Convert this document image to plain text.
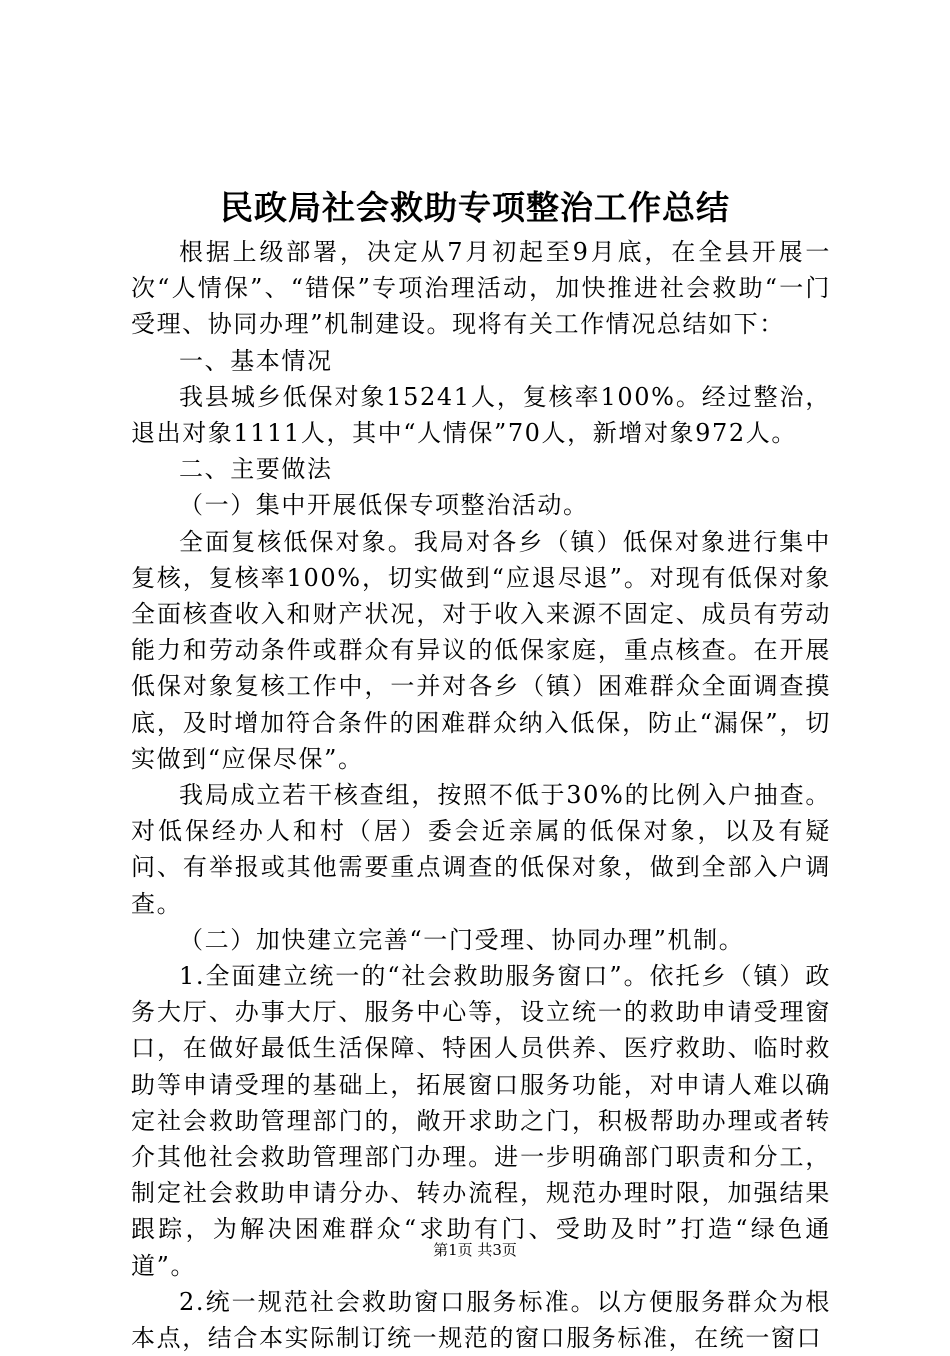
民政局社会救助专项整治工作总结

根据上级部署，决定从7月初起至9月底，在全县开展一次“人情保”、“错保”专项治理活动，加快推进社会救助“一门受理、协同办理”机制建设。现将有关工作情况总结如下：

一、基本情况

我县城乡低保对象15241人，复核率100%。经过整治，退出对象1111人，其中“人情保”70人，新增对象972人。

二、主要做法

（一）集中开展低保专项整治活动。

全面复核低保对象。我局对各乡（镇）低保对象进行集中复核，复核率100%，切实做到“应退尽退”。对现有低保对象全面核查收入和财产状况，对于收入来源不固定、成员有劳动能力和劳动条件或群众有异议的低保家庭，重点核查。在开展低保对象复核工作中，一并对各乡（镇）困难群众全面调查摸底，及时增加符合条件的困难群众纳入低保，防止“漏保”，切实做到“应保尽保”。

我局成立若干核查组，按照不低于30%的比例入户抽查。对低保经办人和村（居）委会近亲属的低保对象，以及有疑问、有举报或其他需要重点调查的低保对象，做到全部入户调查。

（二）加快建立完善“一门受理、协同办理”机制。

1.全面建立统一的“社会救助服务窗口”。依托乡（镇）政务大厅、办事大厅、服务中心等，设立统一的救助申请受理窗口，在做好最低生活保障、特困人员供养、医疗救助、临时救助等申请受理的基础上，拓展窗口服务功能，对申请人难以确定社会救助管理部门的，敞开求助之门，积极帮助办理或者转介其他社会救助管理部门办理。进一步明确部门职责和分工，制定社会救助申请分办、转办流程，规范办理时限，加强结果跟踪，为解决困难群众“求助有门、受助及时”打造“绿色通道”。

2.统一规范社会救助窗口服务标准。以方便服务群众为根本点，结合本实际制订统一规范的窗口服务标准，在统一窗口

第1页 共3页
